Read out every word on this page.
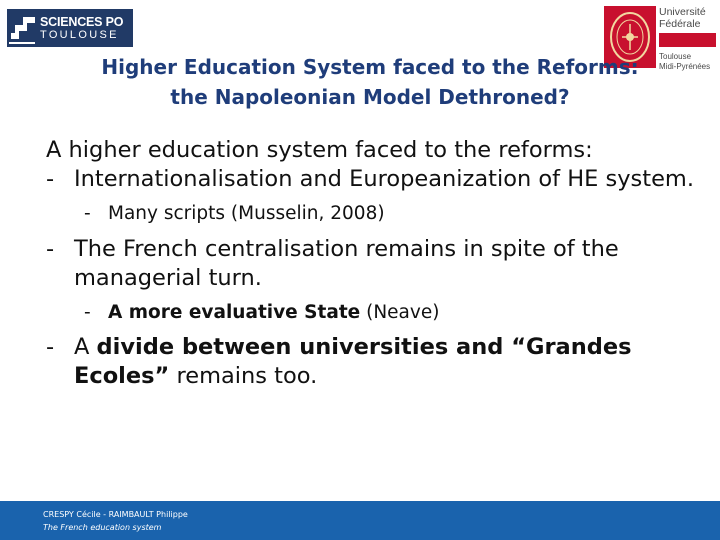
SCIENCES PO
TOULOUSE
Université
Fédérale
Toulouse
Midi-Pyrénées
Higher Education System faced to the Reforms:
the Napoleonian Model Dethroned?
A higher education system faced to the reforms:
- Internationalisation and Europeanization of HE system.
- Many scripts (Musselin, 2008)
- The French centralisation remains in spite of the managerial turn.
- A more evaluative State (Neave)
- A divide between universities and “Grandes Ecoles” remains too.
CRESPY Cécile - RAIMBAULT Philippe
The French education system
